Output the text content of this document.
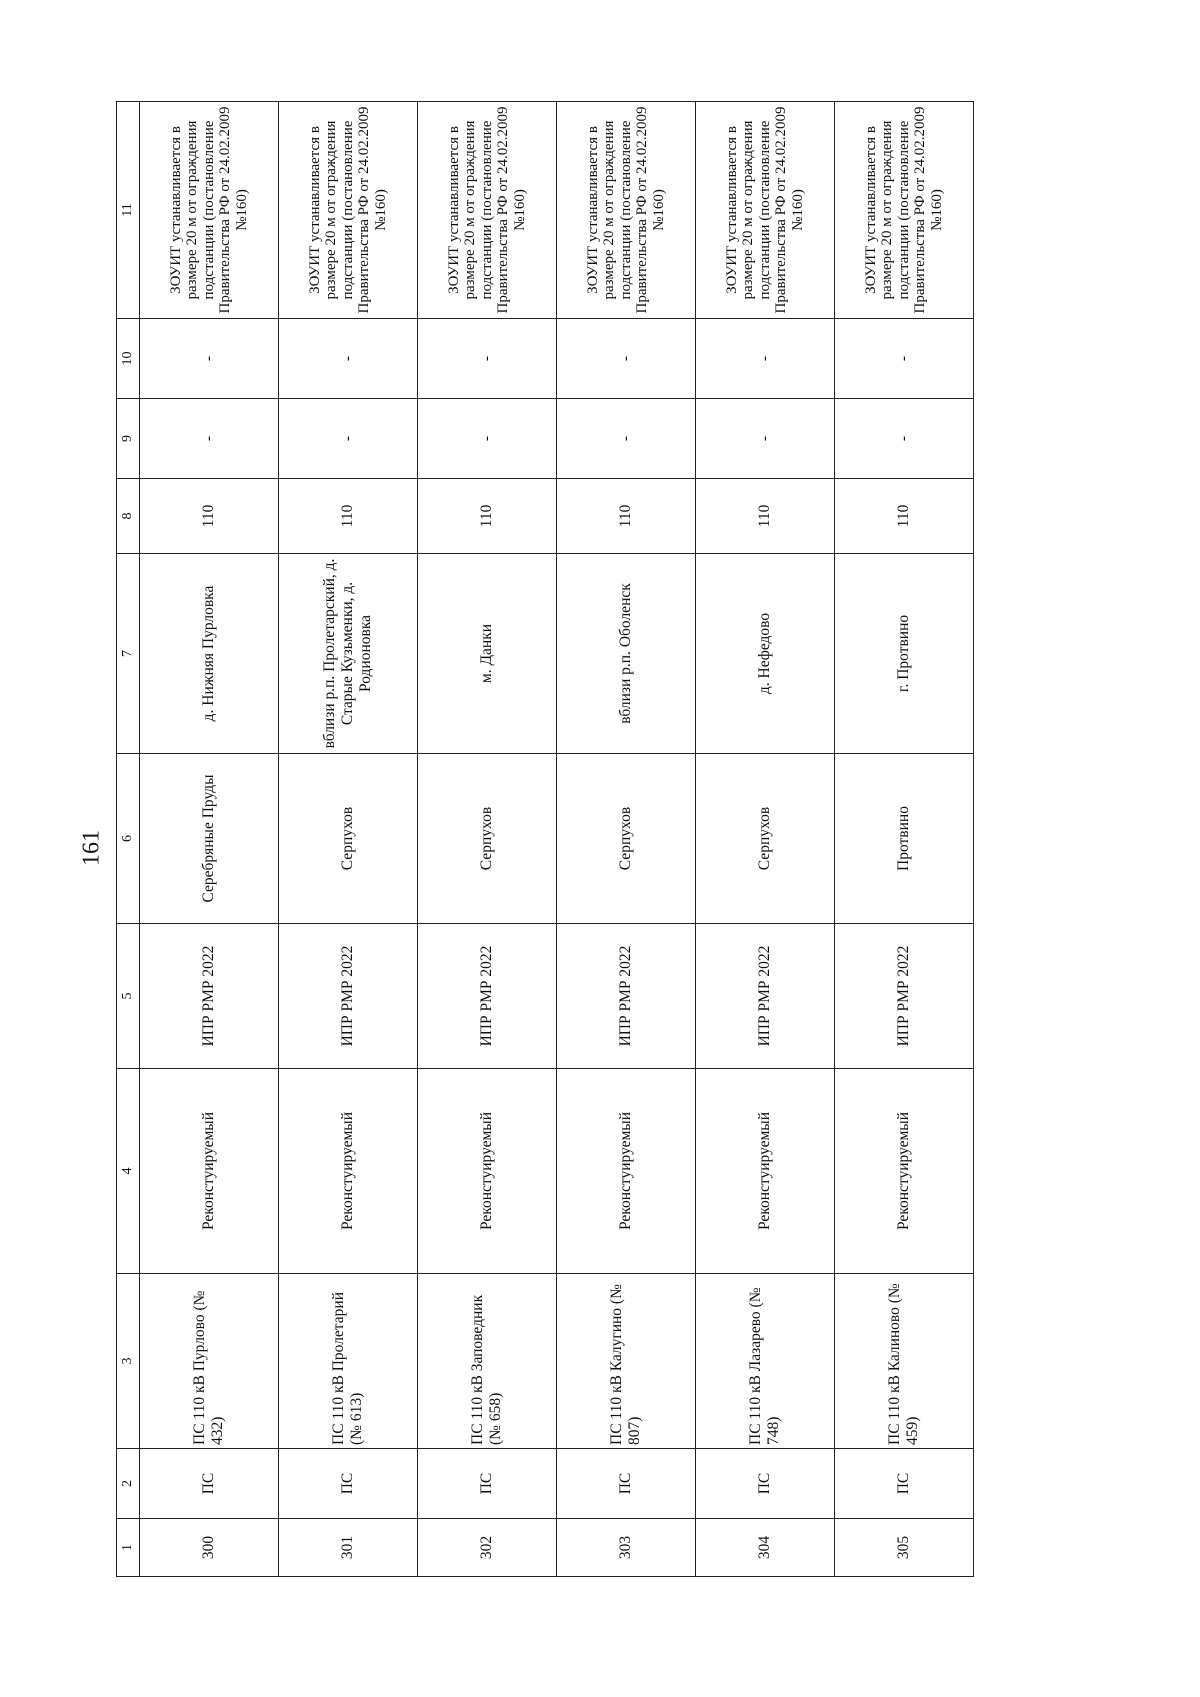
161
1	2	3	4	5	6	7	8	9	10	11
300	ПС	ПС 110 кВ Пурлово (№ 432)	Реконстуируемый	ИПР РМР 2022	Серебряные Пруды	д. Нижняя Пурловка	110	-	-	ЗОУИТ устанавливается в размере 20 м от ограждения подстанции (постановление Правительства РФ от 24.02.2009 №160)
301	ПС	ПС 110 кВ Пролетарий (№ 613)	Реконстуируемый	ИПР РМР 2022	Серпухов	вблизи р.п. Пролетарский, д. Старые Кузьменки, д. Родионовка	110	-	-	ЗОУИТ устанавливается в размере 20 м от ограждения подстанции (постановление Правительства РФ от 24.02.2009 №160)
302	ПС	ПС 110 кВ Заповедник (№ 658)	Реконстуируемый	ИПР РМР 2022	Серпухов	м. Данки	110	-	-	ЗОУИТ устанавливается в размере 20 м от ограждения подстанции (постановление Правительства РФ от 24.02.2009 №160)
303	ПС	ПС 110 кВ Калугино (№ 807)	Реконстуируемый	ИПР РМР 2022	Серпухов	вблизи р.п. Оболенск	110	-	-	ЗОУИТ устанавливается в размере 20 м от ограждения подстанции (постановление Правительства РФ от 24.02.2009 №160)
304	ПС	ПС 110 кВ Лазарево (№ 748)	Реконстуируемый	ИПР РМР 2022	Серпухов	д. Нефедово	110	-	-	ЗОУИТ устанавливается в размере 20 м от ограждения подстанции (постановление Правительства РФ от 24.02.2009 №160)
305	ПС	ПС 110 кВ Калиново (№ 459)	Реконстуируемый	ИПР РМР 2022	Протвино	г. Протвино	110	-	-	ЗОУИТ устанавливается в размере 20 м от ограждения подстанции (постановление Правительства РФ от 24.02.2009 №160)
